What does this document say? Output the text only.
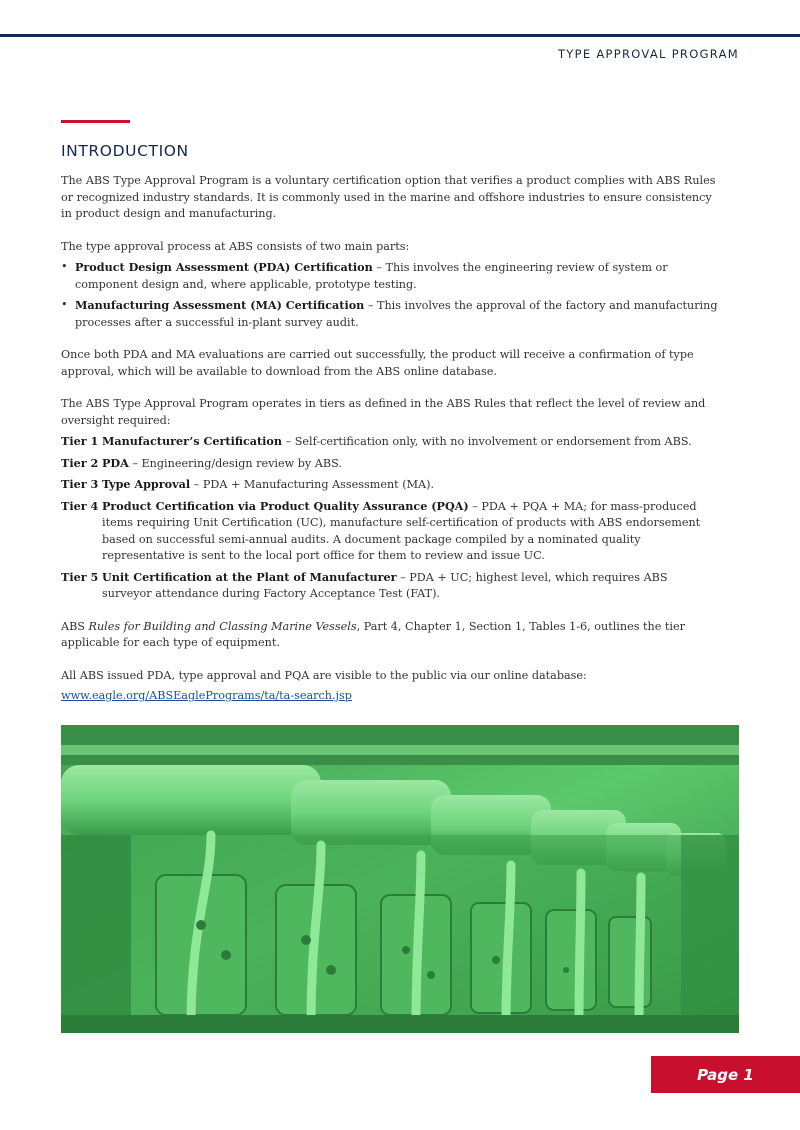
TYPE APPROVAL PROGRAM
INTRODUCTION

The ABS Type Approval Program is a voluntary certification option that verifies a product complies with ABS Rules or recognized industry standards. It is commonly used in the marine and offshore industries to ensure consistency in product design and manufacturing.

The type approval process at ABS consists of two main parts:

• Product Design Assessment (PDA) Certification – This involves the engineering review of system or component design and, where applicable, prototype testing.
• Manufacturing Assessment (MA) Certification – This involves the approval of the factory and manufacturing processes after a successful in-plant survey audit.

Once both PDA and MA evaluations are carried out successfully, the product will receive a confirmation of type approval, which will be available to download from the ABS online database.

The ABS Type Approval Program operates in tiers as defined in the ABS Rules that reflect the level of review and oversight required:

Tier 1 Manufacturer’s Certification – Self-certification only, with no involvement or endorsement from ABS.
Tier 2 PDA – Engineering/design review by ABS.
Tier 3 Type Approval – PDA + Manufacturing Assessment (MA).
Tier 4 Product Certification via Product Quality Assurance (PQA) – PDA + PQA + MA; for mass-produced items requiring Unit Certification (UC), manufacture self-certification of products with ABS endorsement based on successful semi-annual audits. A document package compiled by a nominated quality representative is sent to the local port office for them to review and issue UC.
Tier 5 Unit Certification at the Plant of Manufacturer – PDA + UC; highest level, which requires ABS surveyor attendance during Factory Acceptance Test (FAT).

ABS Rules for Building and Classing Marine Vessels, Part 4, Chapter 1, Section 1, Tables 1-6, outlines the tier applicable for each type of equipment.

All ABS issued PDA, type approval and PQA are visible to the public via our online database:

www.eagle.org/ABSEaglePrograms/ta/ta-search.jsp
Page 1
